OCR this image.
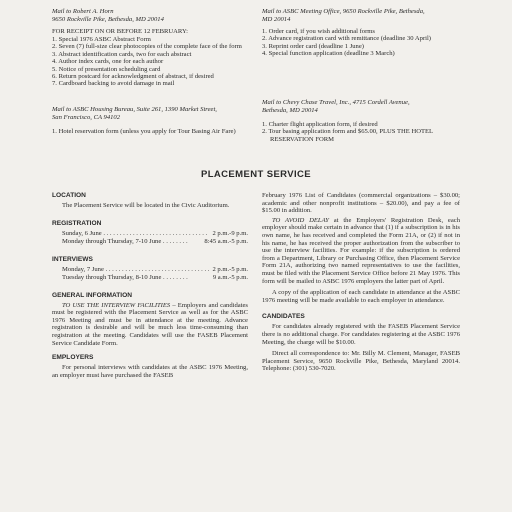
Mail to Robert A. Horn

9650 Rockville Pike, Bethesda, MD 20014

FOR RECEIPT ON OR BEFORE 12 FEBRUARY:

1. Special 1976 ASBC Abstract Form
2. Seven (7) full-size clear photocopies of the complete face of the form
3. Abstract identification cards, two for each abstract
4. Author index cards, one for each author
5. Notice of presentation scheduling card
6. Return postcard for acknowledgment of abstract, if desired
7. Cardboard backing to avoid damage in mail

Mail to ASBC Meeting Office, 9650 Rockville Pike, Bethesda,

MD 20014

1. Order card, if you wish additional forms
2. Advance registration card with remittance (deadline 30 April)
3. Reprint order card (deadline 1 June)
4. Special function application (deadline 3 March)

Mail to ASBC Housing Bureau, Suite 261, 1390 Market Street,

San Francisco, CA 94102

1. Hotel reservation form (unless you apply for Tour Basing Air Fare)

Mail to Chevy Chase Travel, Inc., 4715 Cordell Avenue,

Bethesda, MD 20014

1. Charter flight application form, if desired
2. Tour basing application form and $65.00, PLUS THE HOTEL RESERVATION FORM
PLACEMENT SERVICE

LOCATION

The Placement Service will be located in the Civic Auditorium.

REGISTRATION

Sunday, 6 June . . . . . . . . . . . . . . . . . . . . . . . . . . . . . . . . 2 p.m.-9 p.m.
Monday through Thursday, 7-10 June . . . . . . . .	8:45 a.m.-5 p.m.

INTERVIEWS

Monday, 7 June . . . . . . . . . . . . . . . . . . . . . . . . . . . . . . . . 2 p.m.-5 p.m.
Tuesday through Thursday, 8-10 June . . . . . . . .	9 a.m.-5 p.m.

GENERAL INFORMATION

TO USE THE INTERVIEW FACILITIES – Employers and candidates must be registered with the Placement Service as well as for the ASBC 1976 Meeting and must be in attendance at the meeting. Advance registration is desirable and will be much less time-consuming than registration at the meeting. Candidates will use the FASEB Placement Service Candidate Form.

EMPLOYERS

For personal interviews with candidates at the ASBC 1976 Meeting, an employer must have purchased the FASEB

February 1976 List of Candidates (commercial organizations – $30.00; academic and other nonprofit institutions – $20.00), and pay a fee of $15.00 in addition.

TO AVOID DELAY at the Employers' Registration Desk, each employer should make certain in advance that (1) if a subscription is in his own name, he has received and completed the Form 21A, or (2) if not in his name, he has received the proper authorization from the subscriber to use the interview facilities. For example: if the subscription is ordered from a Department, Library or Purchasing Office, then Placement Service Form 21A, authorizing two named representatives to use the facilities, must be filed with the Placement Service Office before 21 May 1976. This form will be mailed to ASBC 1976 employers the latter part of April.

A copy of the application of each candidate in attendance at the ASBC 1976 meeting will be made available to each employer in attendance.

CANDIDATES

For candidates already registered with the FASEB Placement Service there is no additional charge. For candidates registering at the ASBC 1976 Meeting, the charge will be $10.00.

Direct all correspondence to: Mr. Billy M. Clement, Manager, FASEB Placement Service, 9650 Rockville Pike, Bethesda, Maryland 20014. Telephone: (301) 530-7020.
